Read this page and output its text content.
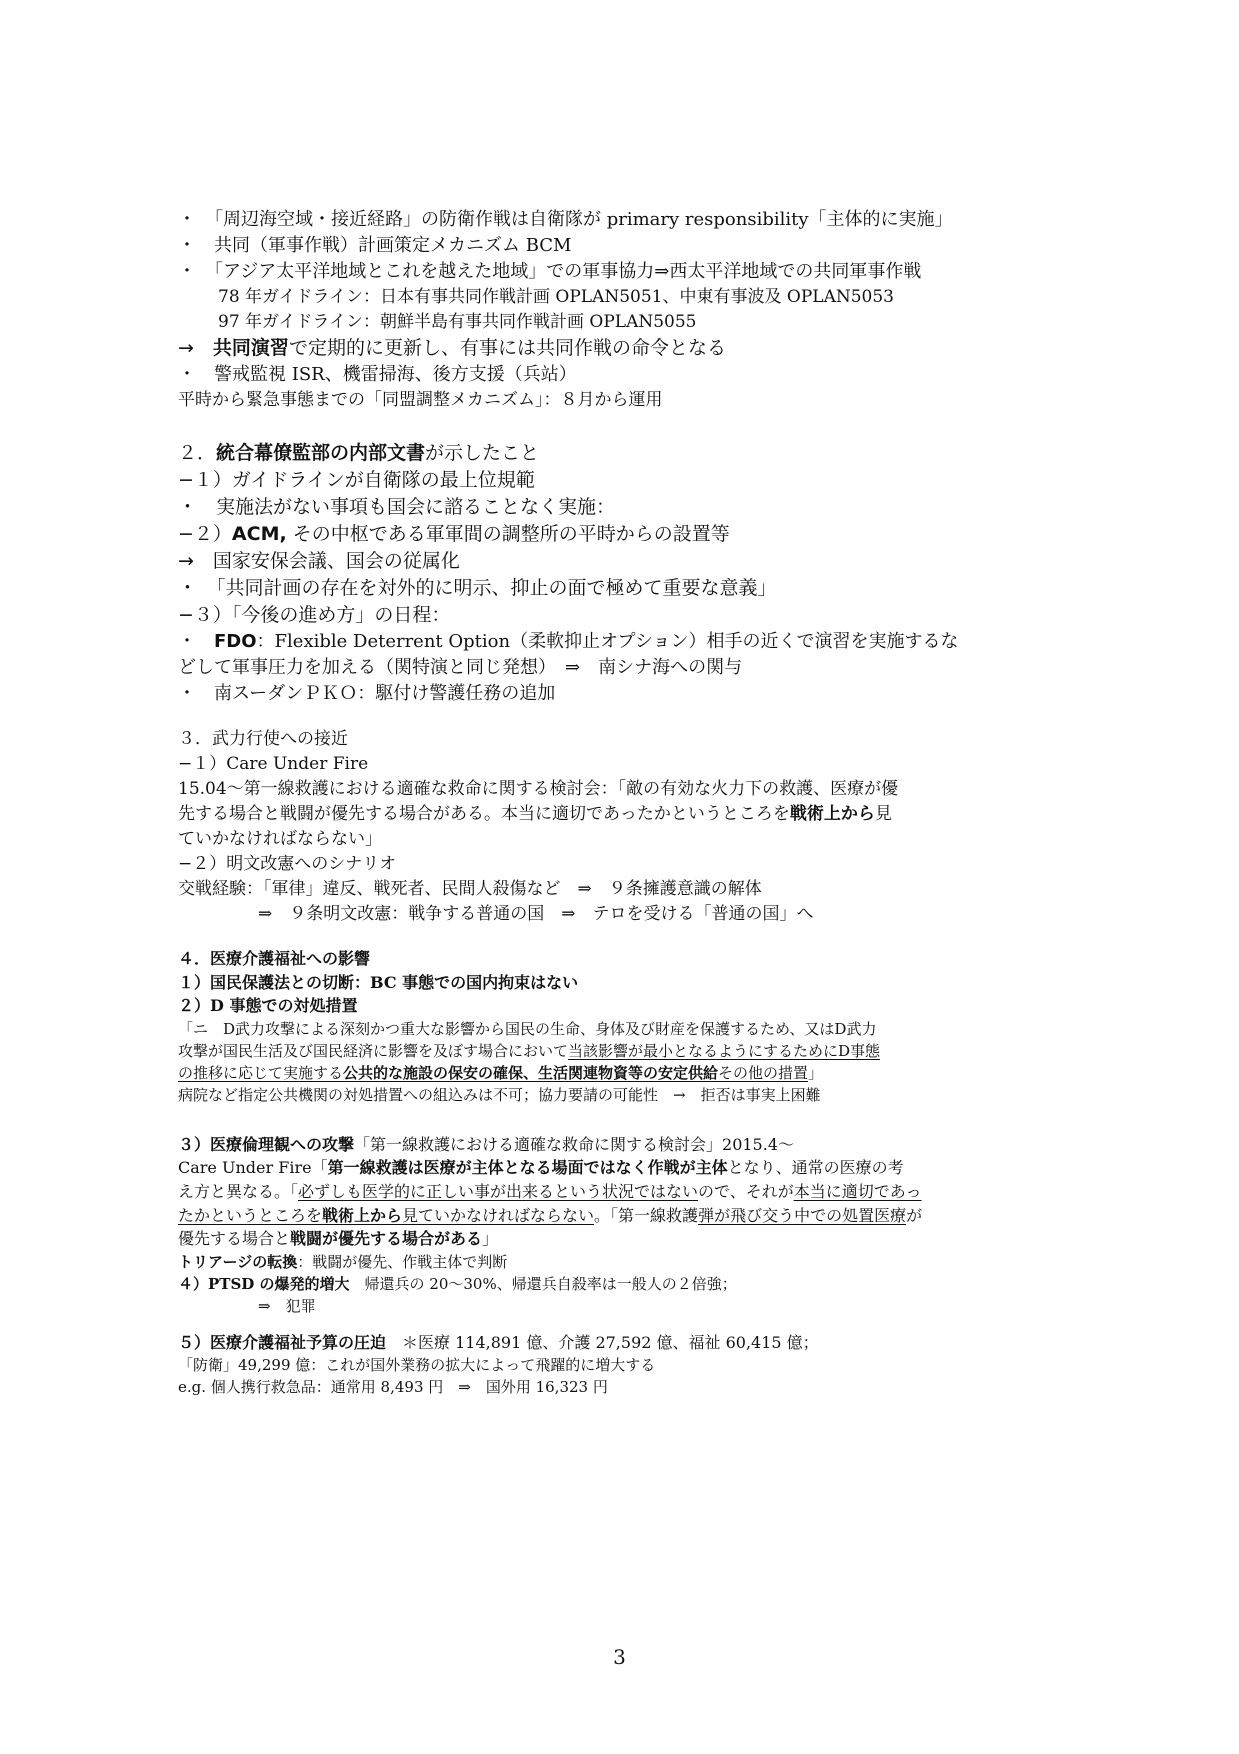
・　「周辺海空域・接近経路」の防衛作戦は自衛隊が primary responsibility「主体的に実施」

・　共同（軍事作戦）計画策定メカニズム BCM

・　「アジア太平洋地域とこれを越えた地域」での軍事協力⇒西太平洋地域での共同軍事作戦

78 年ガイドライン：日本有事共同作戦計画 OPLAN5051、中東有事波及 OPLAN5053

97 年ガイドライン：朝鮮半島有事共同作戦計画 OPLAN5055

→　共同演習で定期的に更新し、有事には共同作戦の命令となる

・　警戒監視 ISR、機雷掃海、後方支援（兵站）

平時から緊急事態までの「同盟調整メカニズム」：８月から運用

２．統合幕僚監部の内部文書が示したこと

−１）ガイドラインが自衛隊の最上位規範

・　実施法がない事項も国会に諮ることなく実施：

−２）ACM, その中枢である軍軍間の調整所の平時からの設置等

→　国家安保会議、国会の従属化

・　「共同計画の存在を対外的に明示、抑止の面で極めて重要な意義」

−３）「今後の進め方」の日程：

・　FDO：Flexible Deterrent Option（柔軟抑止オプション）相手の近くで演習を実施するな

どして軍事圧力を加える（関特演と同じ発想）　⇒　南シナ海への関与

・　南スーダンＰＫＯ：駆付け警護任務の追加

３．武力行使への接近

−１）Care Under Fire

15.04〜第一線救護における適確な救命に関する検討会：「敵の有効な火力下の救護、医療が優

先する場合と戦闘が優先する場合がある。本当に適切であったかというところを戦術上から見

ていかなければならない」

−２）明文改憲へのシナリオ

交戦経験：「軍律」違反、戦死者、民間人殺傷など　⇒　９条擁護意識の解体

⇒　９条明文改憲：戦争する普通の国　⇒　テロを受ける「普通の国」へ

４．医療介護福祉への影響

１）国民保護法との切断：BC 事態での国内拘束はない

２）D 事態での対処措置

「ニ　D武力攻撃による深刻かつ重大な影響から国民の生命、身体及び財産を保護するため、又はD武力

攻撃が国民生活及び国民経済に影響を及ぼす場合において当該影響が最小となるようにするためにD事態

の推移に応じて実施する公共的な施設の保安の確保、生活関連物資等の安定供給その他の措置」

病院など指定公共機関の対処措置への組込みは不可；協力要請の可能性　→　拒否は事実上困難

３）医療倫理観への攻撃「第一線救護における適確な救命に関する検討会」2015.4〜

Care Under Fire「第一線救護は医療が主体となる場面ではなく作戦が主体となり、通常の医療の考

え方と異なる。「必ずしも医学的に正しい事が出来るという状況ではないので、それが本当に適切であっ

たかというところを戦術上から見ていかなければならない。「第一線救護弾が飛び交う中での処置医療が

優先する場合と戦闘が優先する場合がある」

トリアージの転換：戦闘が優先、作戦主体で判断

４）PTSD の爆発的増大　帰還兵の 20〜30%、帰還兵自殺率は一般人の２倍強；

⇒　犯罪

５）医療介護福祉予算の圧迫　＊医療 114,891 億、介護 27,592 億、福祉 60,415 億；

「防衛」49,299 億：これが国外業務の拡大によって飛躍的に増大する

e.g. 個人携行救急品：通常用 8,493 円　⇒　国外用 16,323 円

3
